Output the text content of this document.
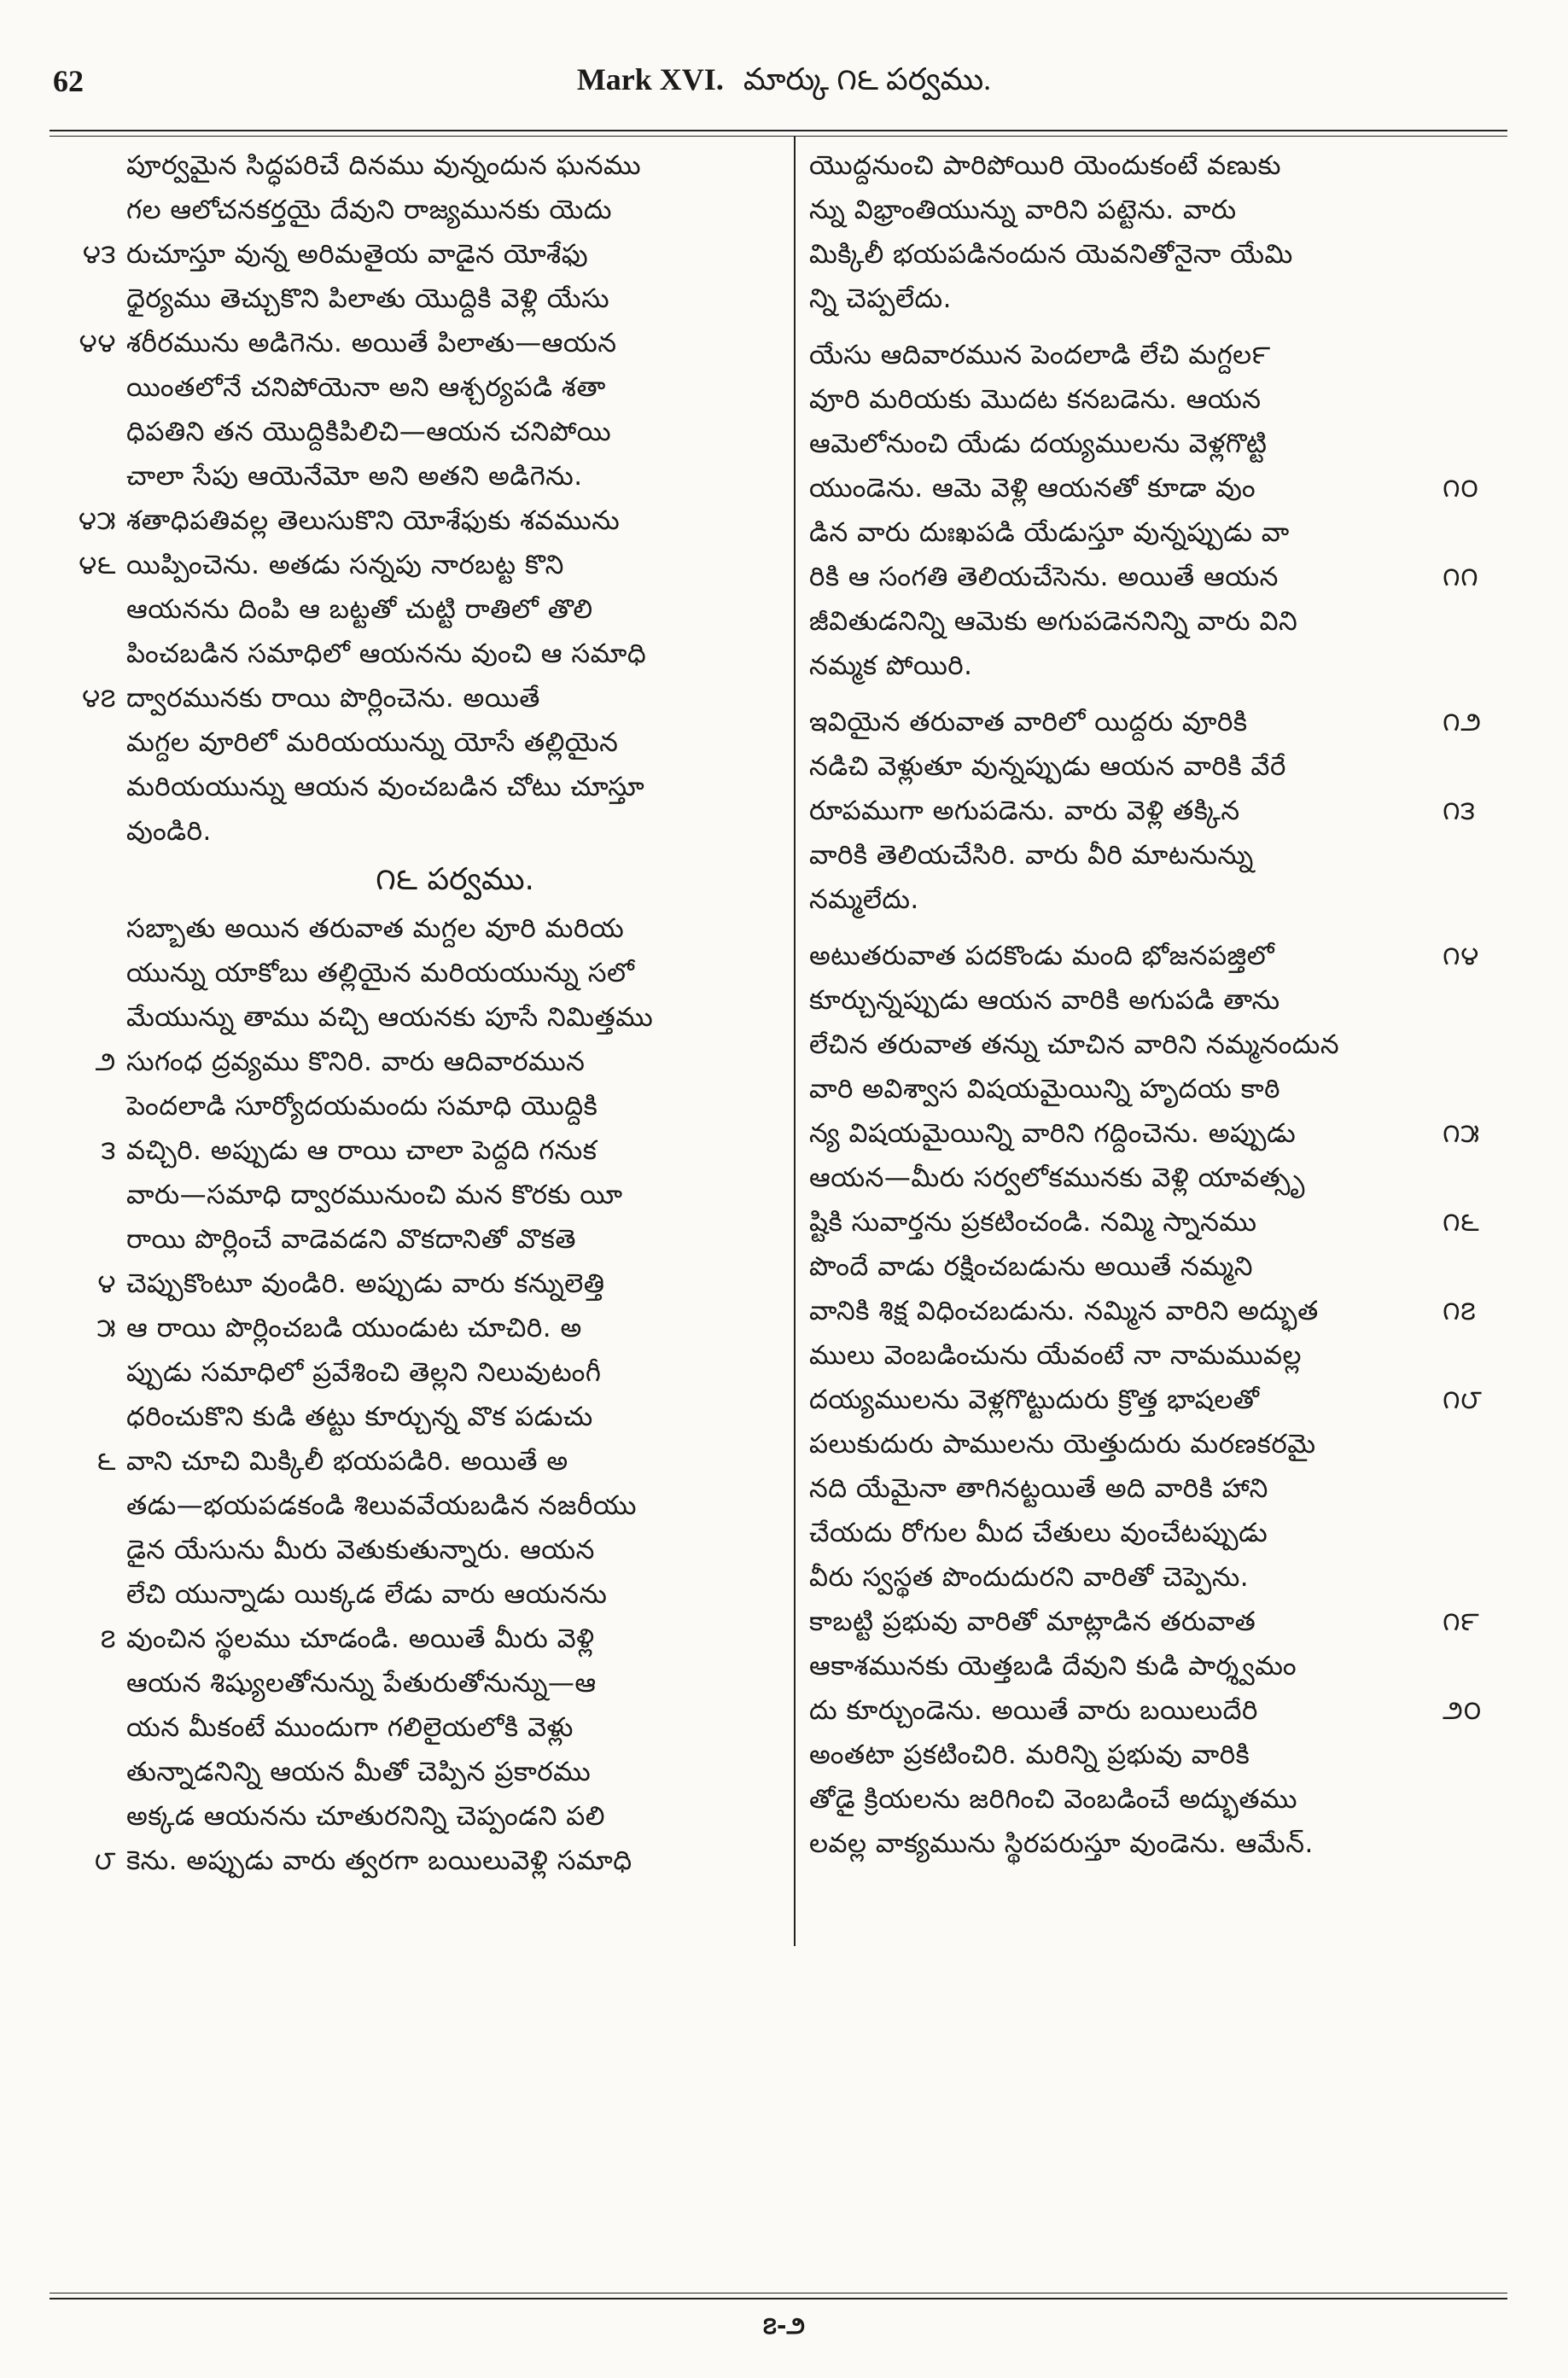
62	Mark XVI. మార్కు ౧౬ పర్వము.
పూర్వమైన సిద్ధపరిచే దినము వున్నందున ఘనము
గల ఆలోచనకర్తయై దేవుని రాజ్యమునకు యెదు
రుచూస్తూ వున్న అరిమతైయ వాడైన యోశేఫు
౪౩
ధైర్యము తెచ్చుకొని పిలాతు యొద్దికి వెళ్లి యేసు
శరీరమును అడిగెను. అయితే పిలాతు—ఆయన
౪౪
యింతలోనే చనిపోయెనా అని ఆశ్చర్యపడి శతా
ధిపతిని తన యొద్దికిపిలిచి—ఆయన చనిపోయి
చాలా సేపు ఆయెనేమో అని అతని అడిగెను.
శతాధిపతివల్ల తెలుసుకొని యోశేఫుకు శవమును
౪౫
యిప్పించెను. అతడు సన్నపు నారబట్ట కొని
౪౬
ఆయనను దింపి ఆ బట్టతో చుట్టి రాతిలో తొలి
పించబడిన సమాధిలో ఆయనను వుంచి ఆ సమాధి
ద్వారమునకు రాయి పొర్లించెను. అయితే
౪౭
మగ్దల వూరిలో మరియయున్ను యోసే తల్లియైన
మరియయున్ను ఆయన వుంచబడిన చోటు చూస్తూ
వుండిరి.
౧౬ పర్వము.
సబ్బాతు అయిన తరువాత మగ్దల వూరి మరియ
యున్ను యాకోబు తల్లియైన మరియయున్ను సలో
మేయున్ను తాము వచ్చి ఆయనకు పూసే నిమిత్తము
సుగంధ ద్రవ్యము కొనిరి. వారు ఆదివారమున
౨
పెందలాడి సూర్యోదయమందు సమాధి యొద్దికి
వచ్చిరి. అప్పుడు ఆ రాయి చాలా పెద్దది గనుక
౩
వారు—సమాధి ద్వారమునుంచి మన కొరకు యీ
రాయి పొర్లించే వాడెవడని వొకదానితో వొకతె
చెప్పుకొంటూ వుండిరి. అప్పుడు వారు కన్నులెత్తి
౪
ఆ రాయి పొర్లించబడి యుండుట చూచిరి. అ
౫
ప్పుడు సమాధిలో ప్రవేశించి తెల్లని నిలువుటంగీ
ధరించుకొని కుడి తట్టు కూర్చున్న వొక పడుచు
వాని చూచి మిక్కిలీ భయపడిరి. అయితే అ
౬
తడు—భయపడకండి శిలువవేయబడిన నజరీయు
డైన యేసును మీరు వెతుకుతున్నారు. ఆయన
లేచి యున్నాడు యిక్కడ లేడు వారు ఆయనను
వుంచిన స్థలము చూడండి. అయితే మీరు వెళ్లి
౭
ఆయన శిష్యులతోనున్ను పేతురుతోనున్ను—ఆ
యన మీకంటే ముందుగా గలిలైయలోకి వెళ్లు
తున్నాడనిన్ని ఆయన మీతో చెప్పిన ప్రకారము
అక్కడ ఆయనను చూతురనిన్ని చెప్పండని పలి
కెను. అప్పుడు వారు త్వరగా బయిలువెళ్లి సమాధి
౮
యొద్దనుంచి పారిపోయిరి యెందుకంటే వణుకు
న్ను విభ్రాంతియున్ను వారిని పట్టెను. వారు
మిక్కిలీ భయపడినందున యెవనితోనైనా యేమి
న్ని చెప్పలేదు.
యేసు ఆదివారమున పెందలాడి లేచి మగ్దల౯
వూరి మరియకు మొదట కనబడెను. ఆయన
ఆమెలోనుంచి యేడు దయ్యములను వెళ్లగొట్టి
యుండెను. ఆమె వెళ్లి ఆయనతో కూడా వుం	౧౦
డిన వారు దుఃఖపడి యేడుస్తూ వున్నప్పుడు వా
రికి ఆ సంగతి తెలియచేసెను. అయితే ఆయన	౧౧
జీవితుడనిన్ని ఆమెకు అగుపడెననిన్ని వారు విని
నమ్మక పోయిరి.
ఇవియైన తరువాత వారిలో యిద్దరు వూరికి	౧౨
నడిచి వెళ్లుతూ వున్నప్పుడు ఆయన వారికి వేరే
రూపముగా అగుపడెను. వారు వెళ్లి తక్కిన	౧౩
వారికి తెలియచేసిరి. వారు వీరి మాటనున్ను
నమ్మలేదు.
అటుతరువాత పదకొండు మంది భోజనపజ్తిలో	౧౪
కూర్చున్నప్పుడు ఆయన వారికి అగుపడి తాను
లేచిన తరువాత తన్ను చూచిన వారిని నమ్మనందున
వారి అవిశ్వాస విషయమైయిన్ని హృదయ కాఠి
న్య విషయమైయిన్ని వారిని గద్దించెను. అప్పుడు	౧౫
ఆయన—మీరు సర్వలోకమునకు వెళ్లి యావత్సృ
ష్టికి సువార్తను ప్రకటించండి. నమ్మి స్నానము	౧౬
పొందే వాడు రక్షించబడును అయితే నమ్మని
వానికి శిక్ష విధించబడును. నమ్మిన వారిని అద్భుత	౧౭
ములు వెంబడించును యేవంటే నా నామమువల్ల
దయ్యములను వెళ్లగొట్టుదురు క్రొత్త భాషలతో	౧౮
పలుకుదురు పాములను యెత్తుదురు మరణకరమై
నది యేమైనా తాగినట్టయితే అది వారికి హాని
చేయదు రోగుల మీద చేతులు వుంచేటప్పుడు
వీరు స్వస్థత పొందుదురని వారితో చెప్పెను.
కాబట్టి ప్రభువు వారితో మాట్లాడిన తరువాత	౧౯
ఆకాశమునకు యెత్తబడి దేవుని కుడి పార్శ్వమం
దు కూర్చుండెను. అయితే వారు బయిలుదేరి	౨౦
అంతటా ప్రకటించిరి. మరిన్ని ప్రభువు వారికి
తోడై క్రియలను జరిగించి వెంబడించే అద్భుతము
లవల్ల వాక్యమును స్థిరపరుస్తూ వుండెను. ఆమేన్.
౭-౨
